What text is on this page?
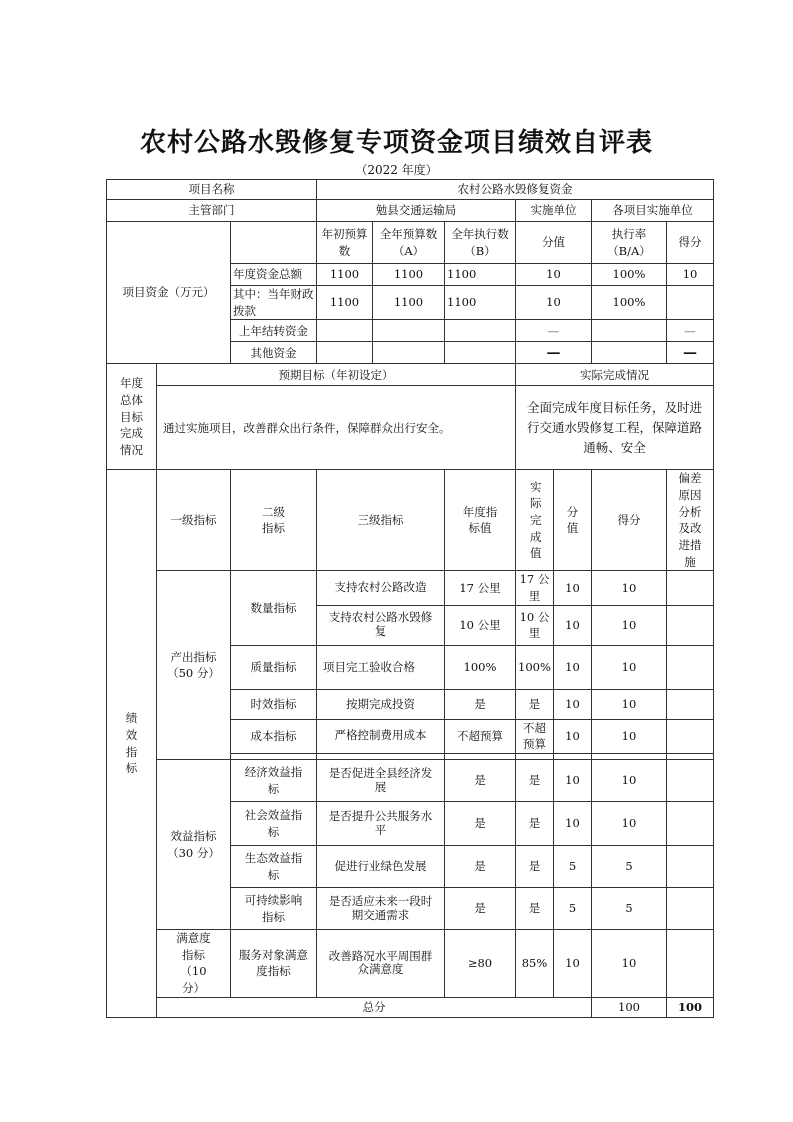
农村公路水毁修复专项资金项目绩效自评表
（2022 年度）
项目名称			农村公路水毁修复资金							
主管部门			勉县交通运输局			实施单位		各项目实施单位		
项目资金（万元）			年初预算数	全年预算数（A）	全年执行数（B）	分值		执行率（B/A）	得分	
		年度资金总额	1100	1100	1100	10		100%	10	
		其中：当年财政拨款	1100	1100	1100	10		100%		
		上年结转资金				—			—	
		其他资金				—			—	
年度总体目标完成情况	预期目标（年初设定）					实际完成情况				
	通过实施项目，改善群众出行条件，保障群众出行安全。					全面完成年度目标任务，及时进行交通水毁修复工程，保障道路通畅、安全				
绩效指标	一级指标	二级指标	三级指标		年度指标值	实际完成值	分值	得分	偏差原因分析及改进措施	
	产出指标（50 分）	数量指标	支持农村公路改造		17 公里	17 公里	10	10		
			支持农村公路水毁修复		10 公里	10 公里	10	10		
		质量指标	项目完工验收合格		100%	100%	10	10		
		时效指标	按期完成投资		是	是	10	10		
		成本指标	严格控制费用成本		不超预算	不超预算	10	10		

	效益指标（30 分）	经济效益指标	是否促进全县经济发展		是	是	10	10		
		社会效益指标	是否提升公共服务水平		是	是	10	10		
		生态效益指标	促进行业绿色发展		是	是	5	5		
		可持续影响指标	是否适应未来一段时期交通需求		是	是	5	5		
	满意度指标（10 分）	服务对象满意度指标	改善路况水平周围群众满意度		≥80	85%	10	10		
	总分							100	100	
